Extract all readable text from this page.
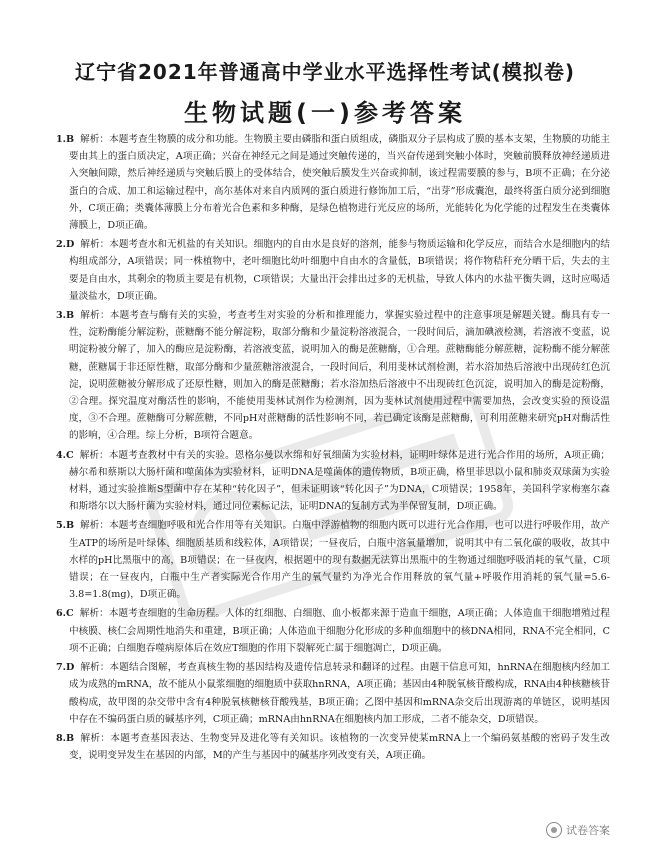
辽宁省2021年普通高中学业水平选择性考试(模拟卷)
生物试题(一)参考答案

1.B 解析：本题考查生物膜的成分和功能。生物膜主要由磷脂和蛋白质组成，磷脂双分子层构成了膜的基本支架，生物膜的功能主要由其上的蛋白质决定，A项正确；兴奋在神经元之间是通过突触传递的，当兴奋传递到突触小体时，突触前膜释放神经递质进入突触间隙，然后神经递质与突触后膜上的受体结合，使突触后膜发生兴奋或抑制，该过程需要膜的参与，B项不正确；在分泌蛋白的合成、加工和运输过程中，高尔基体对来自内质网的蛋白质进行修饰加工后，“出芽”形成囊泡，最终将蛋白质分泌到细胞外，C项正确；类囊体薄膜上分布着光合色素和多种酶，是绿色植物进行光反应的场所，光能转化为化学能的过程发生在类囊体薄膜上，D项正确。

2.D 解析：本题考查水和无机盐的有关知识。细胞内的自由水是良好的溶剂，能参与物质运输和化学反应，而结合水是细胞内的结构组成部分，A项错误；同一株植物中，老叶细胞比幼叶细胞中自由水的含量低，B项错误；将作物秸秆充分晒干后，失去的主要是自由水，其剩余的物质主要是有机物，C项错误；大量出汗会排出过多的无机盐，导致人体内的水盐平衡失调，这时应喝适量淡盐水，D项正确。

3.B 解析：本题考查与酶有关的实验，考查考生对实验的分析和推理能力，掌握实验过程中的注意事项是解题关键。酶具有专一性，淀粉酶能分解淀粉，蔗糖酶不能分解淀粉，取部分酶和少量淀粉溶液混合，一段时间后，滴加碘液检测，若溶液不变蓝，说明淀粉被分解了，加入的酶应是淀粉酶，若溶液变蓝，说明加入的酶是蔗糖酶，①合理。蔗糖酶能分解蔗糖，淀粉酶不能分解蔗糖，蔗糖属于非还原性糖，取部分酶和少量蔗糖溶液混合，一段时间后，利用斐林试剂检测，若水浴加热后溶液中出现砖红色沉淀，说明蔗糖被分解形成了还原性糖，则加入的酶是蔗糖酶；若水浴加热后溶液中不出现砖红色沉淀，说明加入的酶是淀粉酶，②合理。探究温度对酶活性的影响，不能使用斐林试剂作为检测剂，因为斐林试剂使用过程中需要加热，会改变实验的预设温度，③不合理。蔗糖酶可分解蔗糖，不同pH对蔗糖酶的活性影响不同，若已确定该酶是蔗糖酶，可利用蔗糖来研究pH对酶活性的影响，④合理。综上分析，B项符合题意。

4.C 解析：本题考查教材中有关的实验。恩格尔曼以水绵和好氧细菌为实验材料，证明叶绿体是进行光合作用的场所，A项正确；赫尔希和蔡斯以大肠杆菌和噬菌体为实验材料，证明DNA是噬菌体的遗传物质，B项正确，格里菲思以小鼠和肺炎双球菌为实验材料，通过实验推断S型菌中存在某种“转化因子”，但未证明该“转化因子”为DNA，C项错误；1958年，美国科学家梅塞尔森和斯塔尔以大肠杆菌为实验材料，通过同位素标记法，证明DNA的复制方式为半保留复制，D项正确。

5.B 解析：本题考查细胞呼吸和光合作用等有关知识。白瓶中浮游植物的细胞内既可以进行光合作用，也可以进行呼吸作用，故产生ATP的场所是叶绿体、细胞质基质和线粒体，A项错误；一昼夜后，白瓶中溶氧量增加，说明其中有二氧化碳的吸收，故其中水样的pH比黑瓶中的高，B项错误；在一昼夜内，根据题中的现有数据无法算出黑瓶中的生物通过细胞呼吸消耗的氧气量，C项错误；在一昼夜内，白瓶中生产者实际光合作用产生的氧气量约为净光合作用释放的氧气量+呼吸作用消耗的氧气量=5.6-3.8=1.8(mg)，D项正确。

6.C 解析：本题考查细胞的生命历程。人体的红细胞、白细胞、血小板都来源于造血干细胞，A项正确；人体造血干细胞增殖过程中核膜、核仁会周期性地消失和重建，B项正确；人体造血干细胞分化形成的多种血细胞中的核DNA相同，RNA不完全相同，C项不正确；白细胞吞噬病原体后在效应T细胞的作用下裂解死亡属于细胞凋亡，D项正确。

7.D 解析：本题结合图解，考查真核生物的基因结构及遗传信息转录和翻译的过程。由题干信息可知，hnRNA在细胞核内经加工成为成熟的mRNA，故不能从小鼠浆细胞的细胞质中获取hnRNA，A项正确；基因由4种脱氧核苷酸构成，RNA由4种核糖核苷酸构成，故甲图的杂交带中含有4种脱氧核糖核苷酸残基，B项正确；乙图中基因和mRNA杂交后出现游离的单链区，说明基因中存在不编码蛋白质的碱基序列，C项正确；mRNA由hnRNA在细胞核内加工形成，二者不能杂交，D项错误。

8.B 解析：本题考查基因表达、生物变异及进化等有关知识。该植物的一次变异使某mRNA上一个编码氨基酸的密码子发生改变，说明变异发生在基因的内部，M的产生与基因中的碱基序列改变有关，A项正确。

试卷答案
